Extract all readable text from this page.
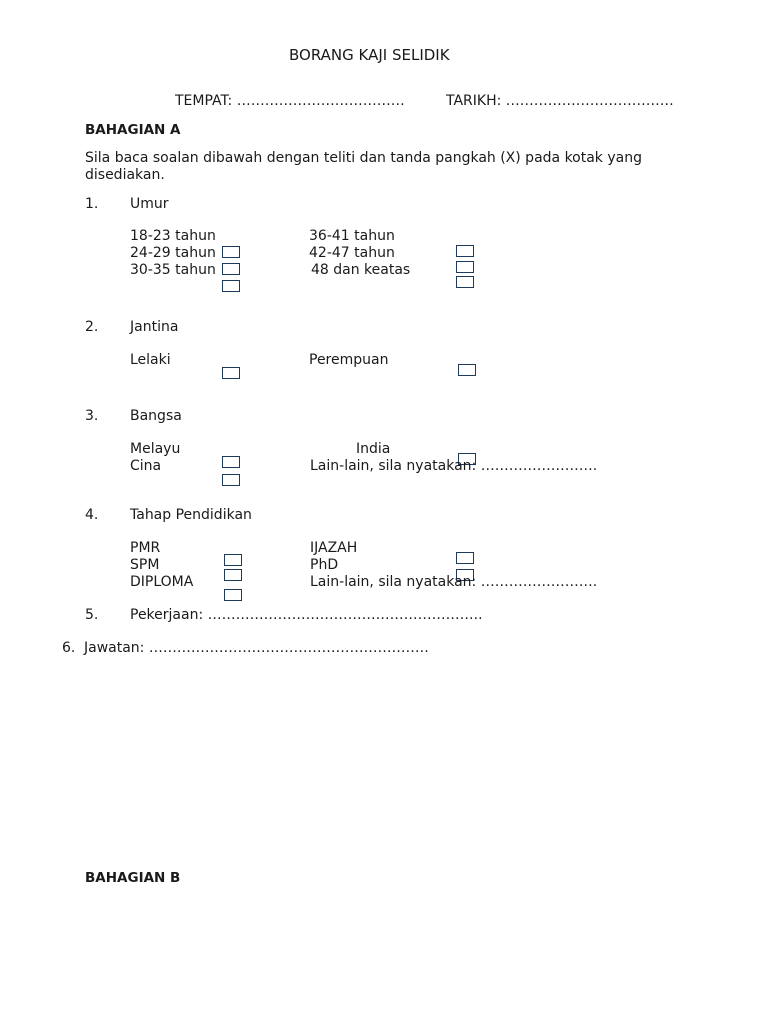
BORANG KAJI SELIDIK
TEMPAT: ………………………………	TARIKH: ………………………………
BAHAGIAN A
Sila baca soalan dibawah dengan teliti dan tanda pangkah (X) pada kotak yang
disediakan.
1. Umur
18-23 tahun
24-29 tahun
30-35 tahun
36-41 tahun
42-47 tahun
48 dan keatas
2. Jantina
Lelaki	Perempuan
3. Bangsa
Melayu
Cina
India
Lain-lain, sila nyatakan: …………………….
4. Tahap Pendidikan
PMR
SPM
DIPLOMA
IJAZAH
PhD
Lain-lain, sila nyatakan: …………………….
5. Pekerjaan: …………………………………………………..
6. Jawatan: ……………………………………………………
BAHAGIAN B
